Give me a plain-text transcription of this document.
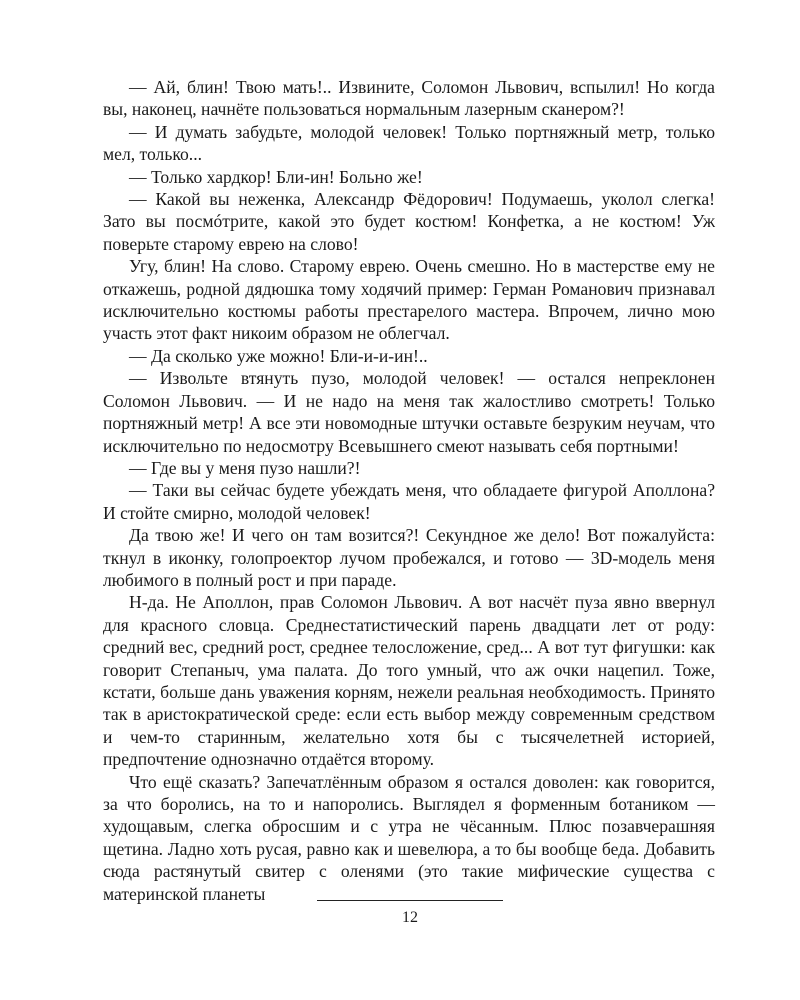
— Ай, блин! Твою мать!.. Извините, Соломон Львович, вспылил! Но когда вы, наконец, начнёте пользоваться нормальным лазерным сканером?!

— И думать забудьте, молодой человек! Только портняжный метр, только мел, только...

— Только хардкор! Бли-ин! Больно же!

— Какой вы неженка, Александр Фёдорович! Подумаешь, уколол слегка! Зато вы посмóтрите, какой это будет костюм! Конфетка, а не костюм! Уж поверьте старому еврею на слово!

Угу, блин! На слово. Старому еврею. Очень смешно. Но в мастерстве ему не откажешь, родной дядюшка тому ходячий пример: Герман Романович признавал исключительно костюмы работы престарелого мастера. Впрочем, лично мою участь этот факт никоим образом не облегчал.

— Да сколько уже можно! Бли-и-и-ин!..

— Извольте втянуть пузо, молодой человек! — остался непреклонен Соломон Львович. — И не надо на меня так жалостливо смотреть! Только портняжный метр! А все эти новомодные штучки оставьте безруким неучам, что исключительно по недосмотру Всевышнего смеют называть себя портными!

— Где вы у меня пузо нашли?!

— Таки вы сейчас будете убеждать меня, что обладаете фигурой Аполлона? И стойте смирно, молодой человек!

Да твою же! И чего он там возится?! Секундное же дело! Вот пожалуйста: ткнул в иконку, голопроектор лучом пробежался, и готово — 3D-модель меня любимого в полный рост и при параде.

Н-да. Не Аполлон, прав Соломон Львович. А вот насчёт пуза явно ввернул для красного словца. Среднестатистический парень двадцати лет от роду: средний вес, средний рост, среднее телосложение, сред... А вот тут фигушки: как говорит Степаныч, ума палата. До того умный, что аж очки нацепил. Тоже, кстати, больше дань уважения корням, нежели реальная необходимость. Принято так в аристократической среде: если есть выбор между современным средством и чем-то старинным, желательно хотя бы с тысячелетней историей, предпочтение однозначно отдаётся второму.

Что ещё сказать? Запечатлённым образом я остался доволен: как говорится, за что боролись, на то и напоролись. Выглядел я форменным ботаником — худощавым, слегка обросшим и с утра не чёсанным. Плюс позавчерашняя щетина. Ладно хоть русая, равно как и шевелюра, а то бы вообще беда. Добавить сюда растянутый свитер с оленями (это такие мифические существа с материнской планеты

12
